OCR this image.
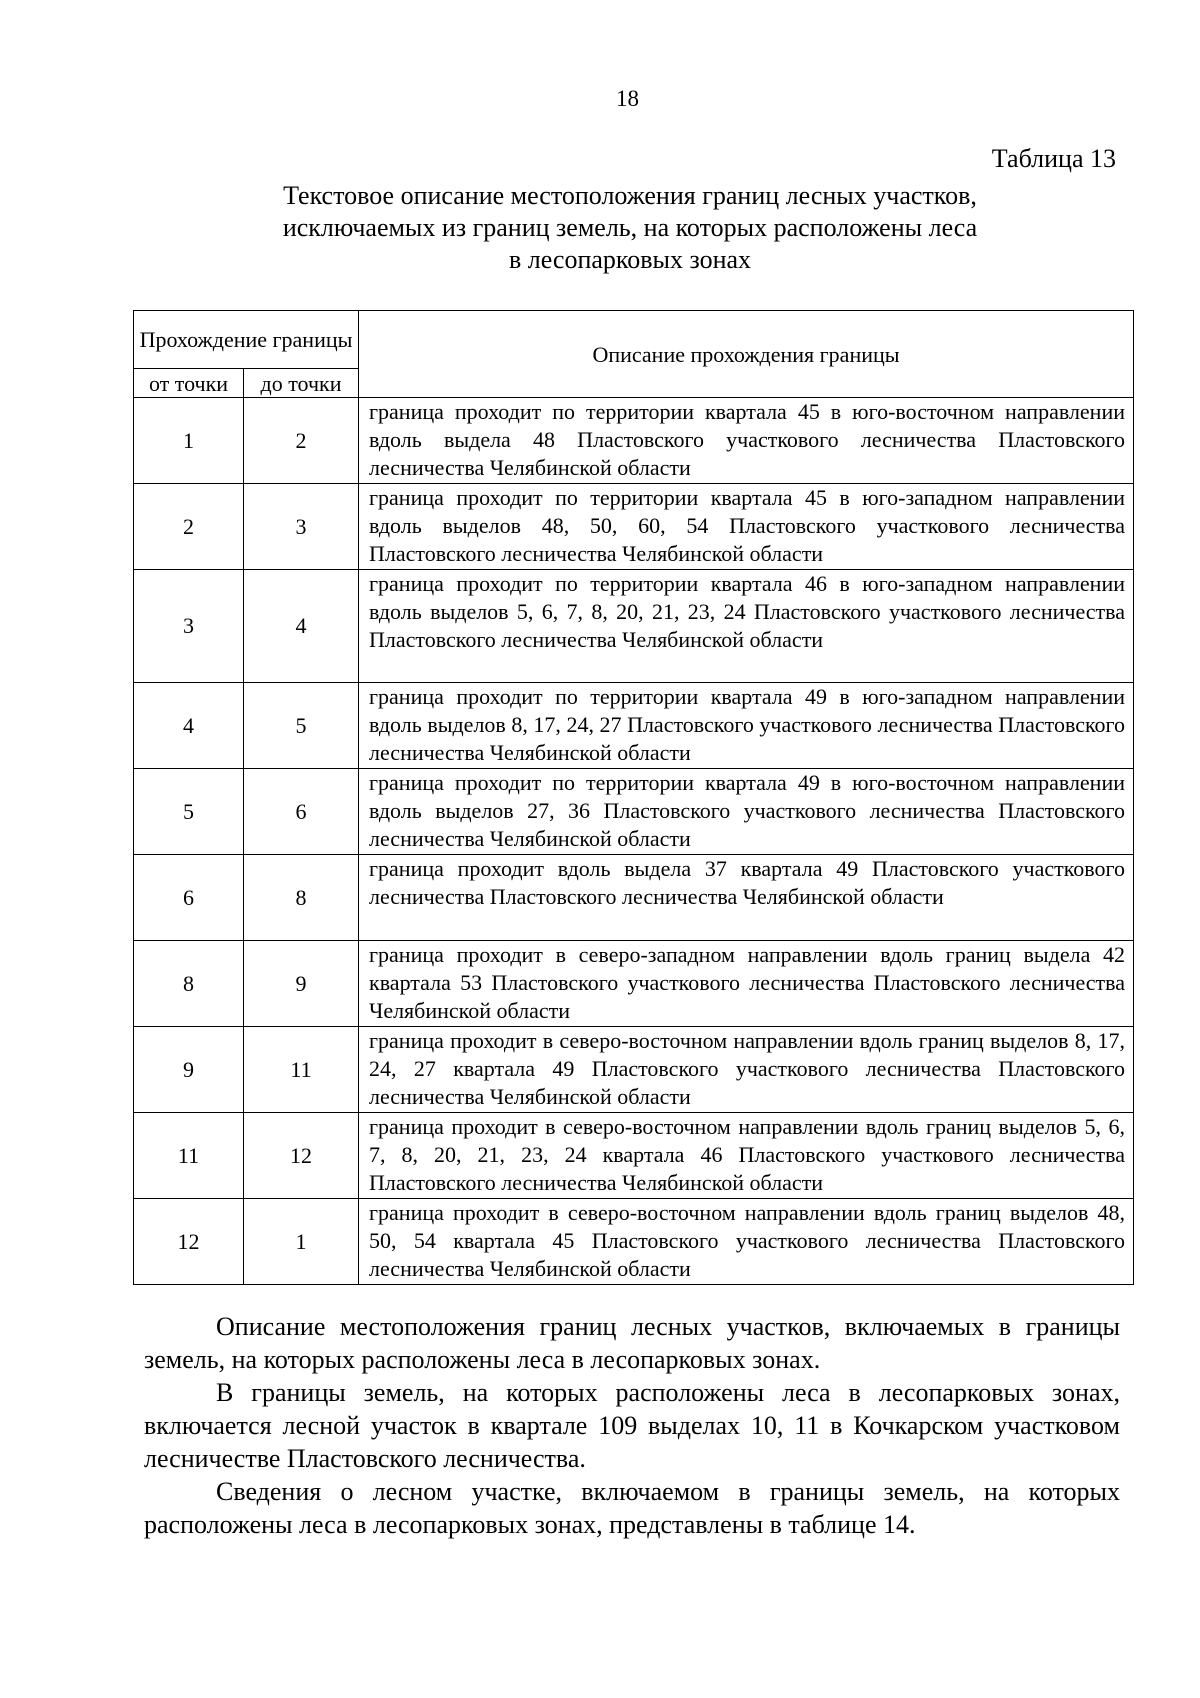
18
Таблица 13
Текстовое описание местоположения границ лесных участков,
исключаемых из границ земель, на которых расположены леса
в лесопарковых зонах
Прохождение границы		Описание прохождения границы
от точки	до точки	
1	2	граница проходит по территории квартала 45 в юго-восточном направлении вдоль выдела 48 Пластовского участкового лесничества Пластовского лесничества Челябинской области
2	3	граница проходит по территории квартала 45 в юго-западном направлении вдоль выделов 48, 50, 60, 54 Пластовского участкового лесничества Пластовского лесничества Челябинской области
3	4	граница проходит по территории квартала 46 в юго-западном направлении вдоль выделов 5, 6, 7, 8, 20, 21, 23, 24 Пластовского участкового лесничества Пластовского лесничества Челябинской области
4	5	граница проходит по территории квартала 49 в юго-западном направлении вдоль выделов 8, 17, 24, 27 Пластовского участкового лесничества Пластовского лесничества Челябинской области
5	6	граница проходит по территории квартала 49 в юго-восточном направлении вдоль выделов 27, 36 Пластовского участкового лесничества Пластовского лесничества Челябинской области
6	8	граница проходит вдоль выдела 37 квартала 49 Пластовского участкового лесничества Пластовского лесничества Челябинской области
8	9	граница проходит в северо-западном направлении вдоль границ выдела 42 квартала 53 Пластовского участкового лесничества Пластовского лесничества Челябинской области
9	11	граница проходит в северо-восточном направлении вдоль границ выделов 8, 17, 24, 27 квартала 49 Пластовского участкового лесничества Пластовского лесничества Челябинской области
11	12	граница проходит в северо-восточном направлении вдоль границ выделов 5, 6, 7, 8, 20, 21, 23, 24 квартала 46 Пластовского участкового лесничества Пластовского лесничества Челябинской области
12	1	граница проходит в северо-восточном направлении вдоль границ выделов 48, 50, 54 квартала 45 Пластовского участкового лесничества Пластовского лесничества Челябинской области

Описание местоположения границ лесных участков, включаемых в границы земель, на которых расположены леса в лесопарковых зонах.

В границы земель, на которых расположены леса в лесопарковых зонах, включается лесной участок в квартале 109 выделах 10, 11 в Кочкарском участковом лесничестве Пластовского лесничества.

Сведения о лесном участке, включаемом в границы земель, на которых расположены леса в лесопарковых зонах, представлены в таблице 14.
